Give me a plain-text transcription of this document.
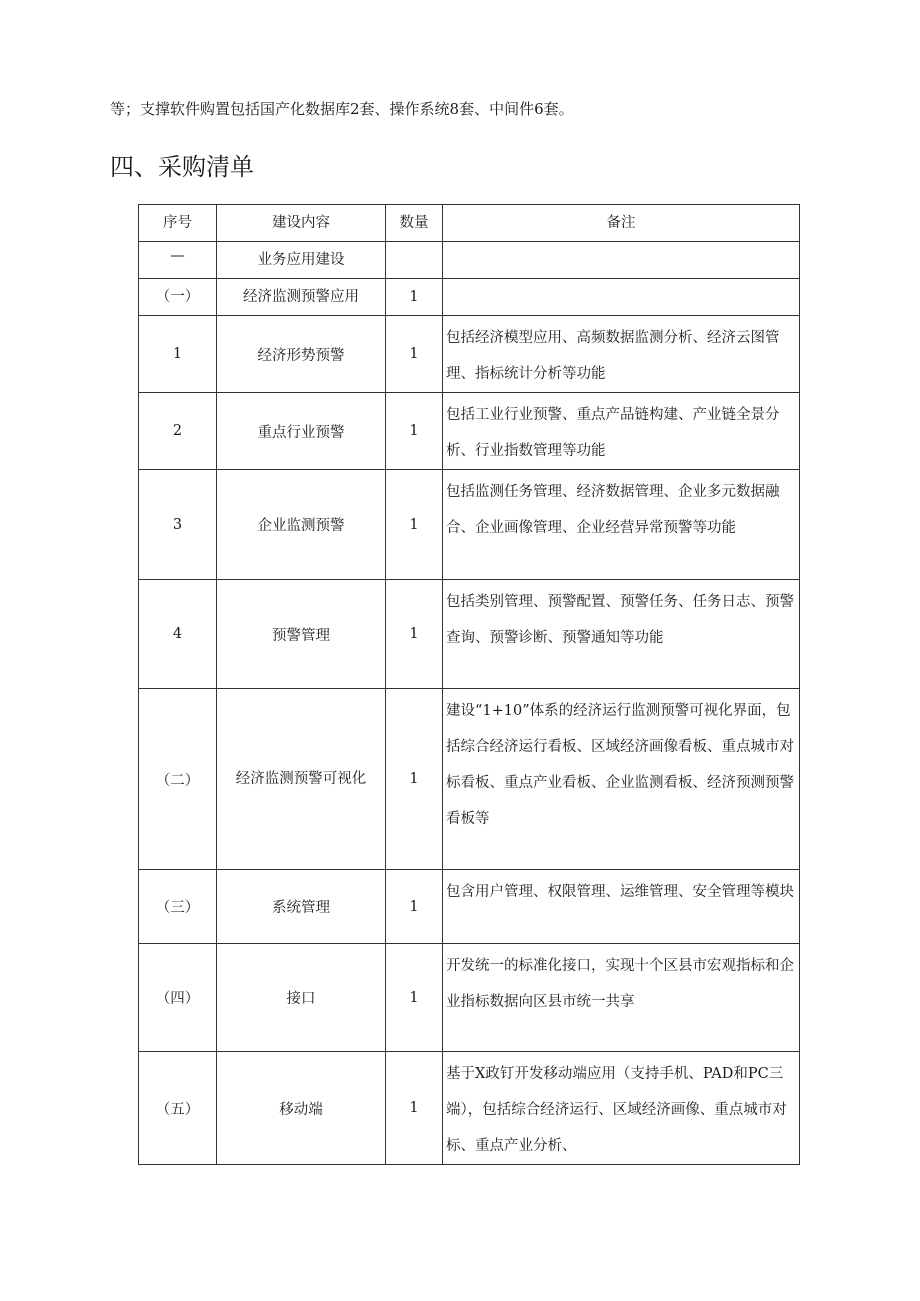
等；支撑软件购置包括国产化数据库2套、操作系统8套、中间件6套。
四、采购清单
序号	建设内容	数量	备注
—	业务应用建设		
（一）	经济监测预警应用	1	
1	经济形势预警	1	包括经济模型应用、高频数据监测分析、经济云图管理、指标统计分析等功能
2	重点行业预警	1	包括工业行业预警、重点产品链构建、产业链全景分析、行业指数管理等功能
3	企业监测预警	1	包括监测任务管理、经济数据管理、企业多元数据融合、企业画像管理、企业经营异常预警等功能
4	预警管理	1	包括类别管理、预警配置、预警任务、任务日志、预警查询、预警诊断、预警通知等功能
（二）	经济监测预警可视化	1	建设“1+10”体系的经济运行监测预警可视化界面，包括综合经济运行看板、区域经济画像看板、重点城市对标看板、重点产业看板、企业监测看板、经济预测预警看板等
（三）	系统管理	1	包含用户管理、权限管理、运维管理、安全管理等模块
（四）	接口	1	开发统一的标准化接口，实现十个区县市宏观指标和企业指标数据向区县市统一共享
（五）	移动端	1	基于X政钉开发移动端应用（支持手机、PAD和PC三端），包括综合经济运行、区域经济画像、重点城市对标、重点产业分析、
